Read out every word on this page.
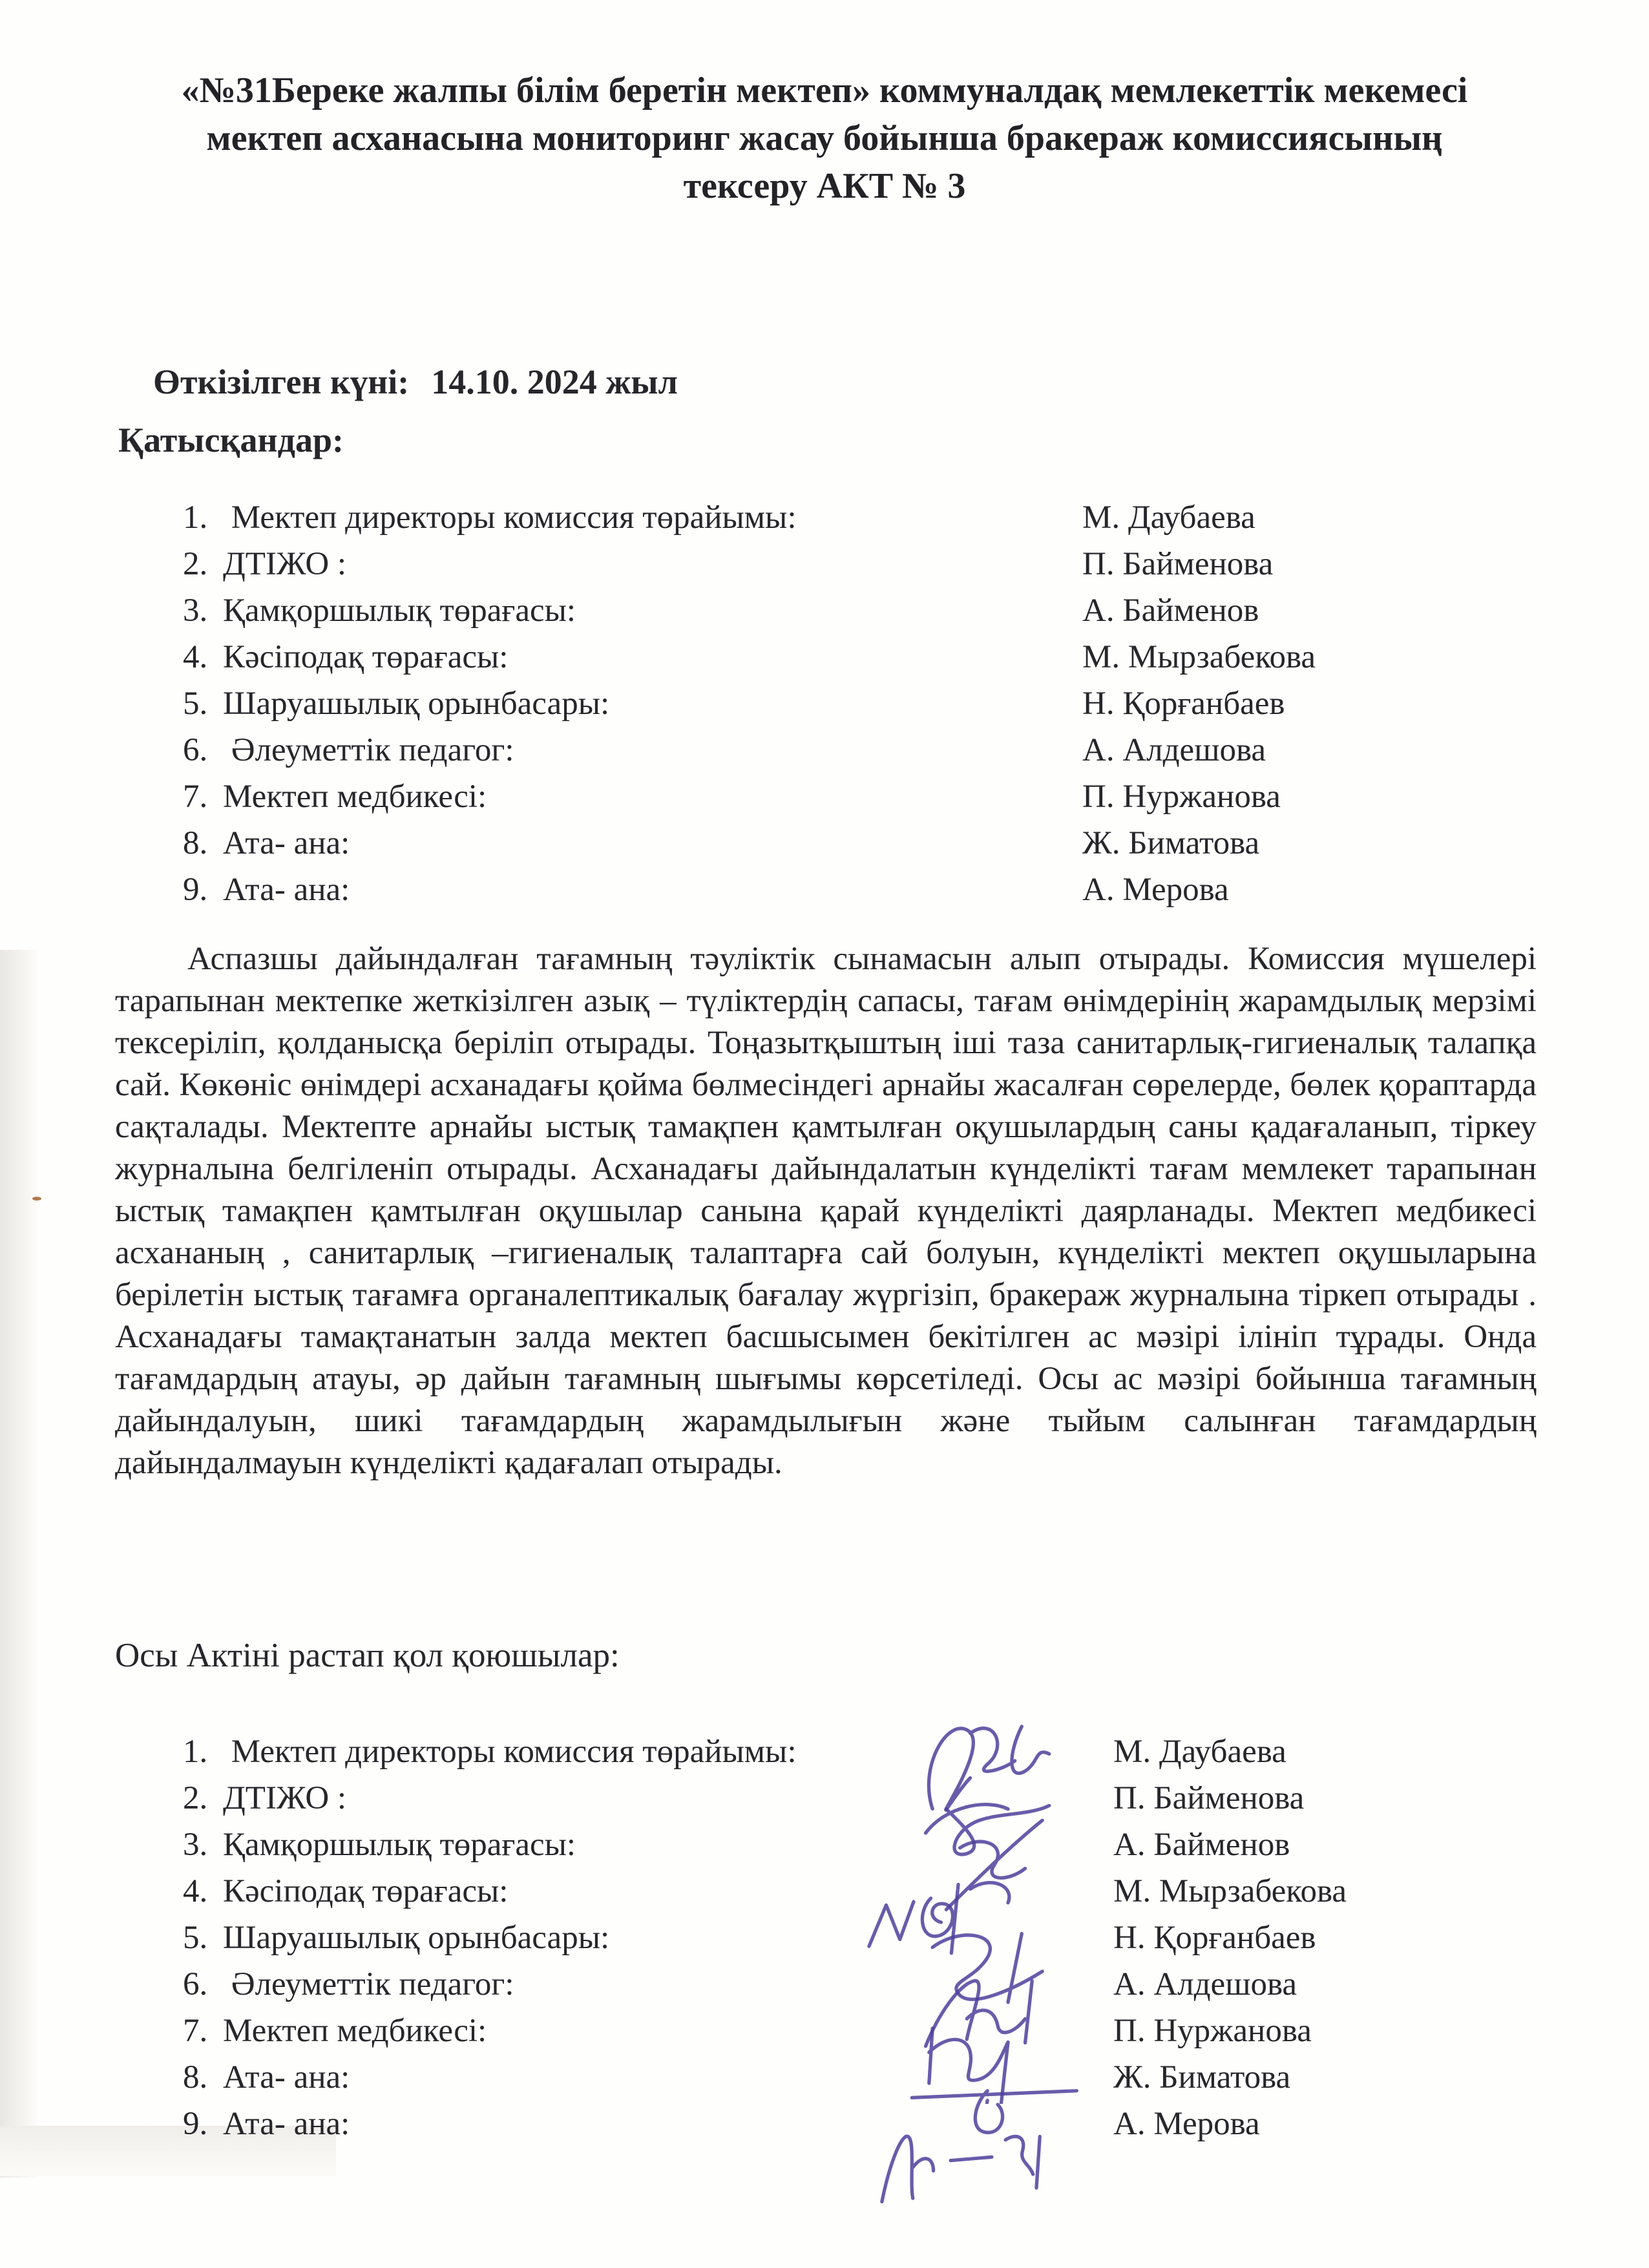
«№31Береке жалпы білім беретін мектеп» коммуналдақ мемлекеттік мекемесі
мектеп асханасына мониторинг жасау бойынша бракераж комиссиясының
тексеру АКТ № 3

Өткізілген күні: 14.10. 2024 жыл

Қатысқандар:
1. Мектеп директоры комиссия төрайымы:	М. Даубаева
2. ДТІЖО :	П. Байменова
3. Қамқоршылық төрағасы:	А. Байменов
4. Кәсіподақ төрағасы:	М. Мырзабекова
5. Шаруашылық орынбасары:	Н. Қорғанбаев
6. Әлеуметтік педагог:	А. Алдешова
7. Мектеп медбикесі:	П. Нуржанова
8. Ата- ана:	Ж. Биматова
9. Ата- ана:	А. Мерова

Аспазшы дайындалған тағамның тәуліктік сынамасын алып отырады. Комиссия мүшелері тарапынан мектепке жеткізілген азық – түліктердің сапасы, тағам өнімдерінің жарамдылық мерзімі тексеріліп, қолданысқа беріліп отырады. Тоңазытқыштың іші таза санитарлық-гигиеналық талапқа сай. Көкөніс өнімдері асханадағы қойма бөлмесіндегі арнайы жасалған сөрелерде, бөлек қораптарда сақталады. Мектепте арнайы ыстық тамақпен қамтылған оқушылардың саны қадағаланып, тіркеу журналына белгіленіп отырады. Асханадағы дайындалатын күнделікті тағам мемлекет тарапынан ыстық тамақпен қамтылған оқушылар санына қарай күнделікті даярланады. Мектеп медбикесі асхананың , санитарлық –гигиеналық талаптарға сай болуын, күнделікті мектеп оқушыларына берілетін ыстық тағамға органалептикалық бағалау жүргізіп, бракераж журналына тіркеп отырады . Асханадағы тамақтанатын залда мектеп басшысымен бекітілген ас мәзірі ілініп тұрады. Онда тағамдардың атауы, әр дайын тағамның шығымы көрсетіледі. Осы ас мәзірі бойынша тағамның дайындалуын, шикі тағамдардың жарамдылығын және тыйым салынған тағамдардың дайындалмауын күнделікті қадағалап отырады.

Осы Актіні растап қол қоюшылар:
1. Мектеп директоры комиссия төрайымы:	М. Даубаева
2. ДТІЖО :	П. Байменова
3. Қамқоршылық төрағасы:	А. Байменов
4. Кәсіподақ төрағасы:	М. Мырзабекова
5. Шаруашылық орынбасары:	Н. Қорғанбаев
6. Әлеуметтік педагог:	А. Алдешова
7. Мектеп медбикесі:	П. Нуржанова
8. Ата- ана:	Ж. Биматова
9. Ата- ана:	А. Мерова
